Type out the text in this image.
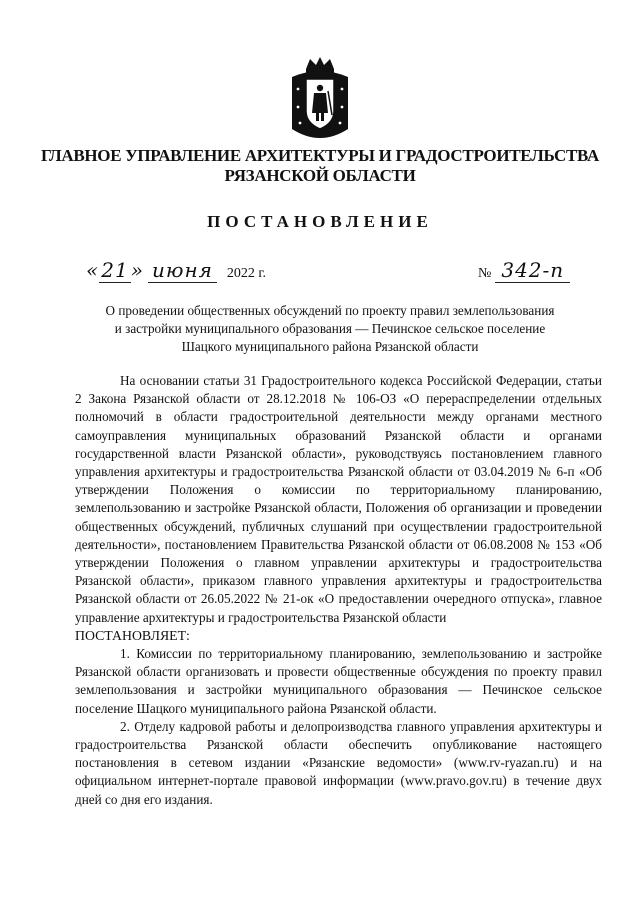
ГЛАВНОЕ УПРАВЛЕНИЕ АРХИТЕКТУРЫ И ГРАДОСТРОИТЕЛЬСТВА
РЯЗАНСКОЙ ОБЛАСТИ
ПОСТАНОВЛЕНИЕ
« 21 » июня 2022 г.	№ 342-п
О проведении общественных обсуждений по проекту правил землепользования
и застройки муниципального образования — Печинское сельское поселение
Шацкого муниципального района Рязанской области

На основании статьи 31 Градостроительного кодекса Российской Федерации, статьи 2 Закона Рязанской области от 28.12.2018 № 106-ОЗ «О перераспределении отдельных полномочий в области градостроительной деятельности между органами местного самоуправления муниципальных образований Рязанской области и органами государственной власти Рязанской области», руководствуясь постановлением главного управления архитектуры и градостроительства Рязанской области от 03.04.2019 № 6-п «Об утверждении Положения о комиссии по территориальному планированию, землепользованию и застройке Рязанской области, Положения об организации и проведении общественных обсуждений, публичных слушаний при осуществлении градостроительной деятельности», постановлением Правительства Рязанской области от 06.08.2008 № 153 «Об утверждении Положения о главном управлении архитектуры и градостроительства Рязанской области», приказом главного управления архитектуры и градостроительства Рязанской области от 26.05.2022 № 21-ок «О предоставлении очередного отпуска», главное управление архитектуры и градостроительства Рязанской области

ПОСТАНОВЛЯЕТ:

1. Комиссии по территориальному планированию, землепользованию и застройке Рязанской области организовать и провести общественные обсуждения по проекту правил землепользования и застройки муниципального образования — Печинское сельское поселение Шацкого муниципального района Рязанской области.

2. Отделу кадровой работы и делопроизводства главного управления архитектуры и градостроительства Рязанской области обеспечить опубликование настоящего постановления в сетевом издании «Рязанские ведомости» (www.rv-ryazan.ru) и на официальном интернет-портале правовой информации (www.pravo.gov.ru) в течение двух дней со дня его издания.
